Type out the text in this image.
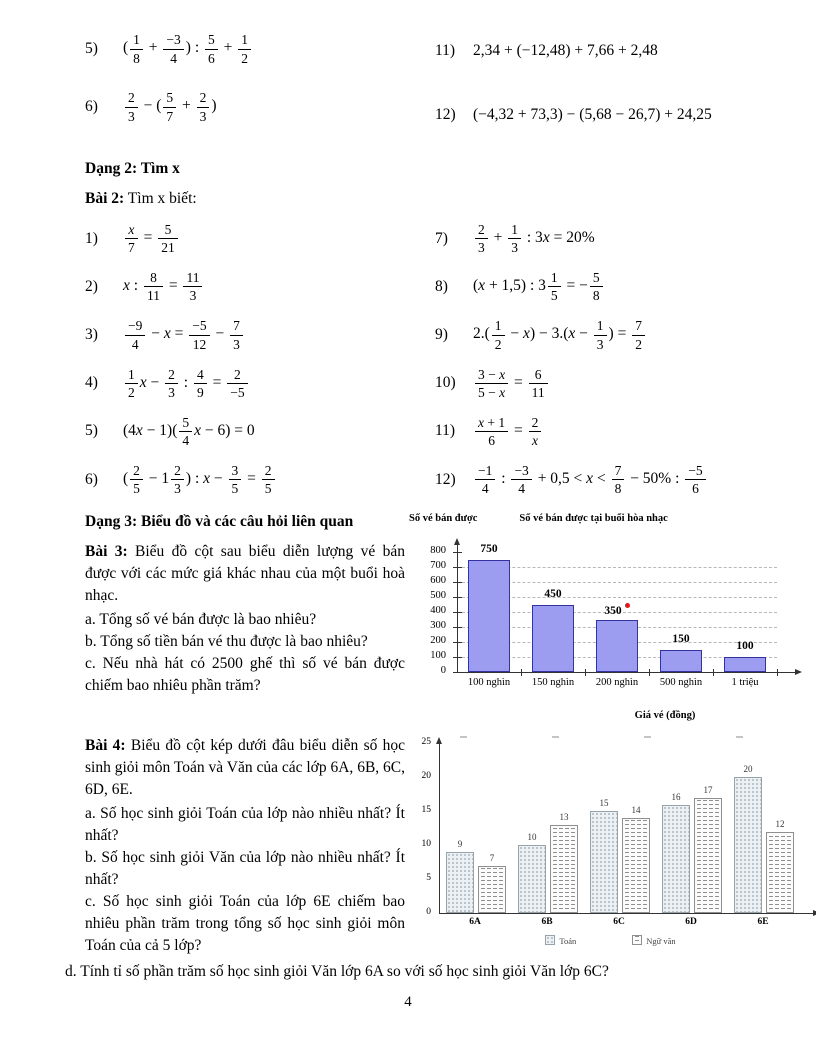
5)	( $\frac{1}{8} + \frac{-3}{4}$ ) : $\frac{5}{6} + \frac{1}{2}$
6)	$\frac{2}{3}$ − ( $\frac{5}{7} + \frac{2}{3}$ )
11)	2,34 + (−12,48) + 7,66 + 2,48
12)	(−4,32 + 73,3) − (5,68 − 26,7) + 24,25
Dạng 2: Tìm x
Bài 2: Tìm x biết:
1)	$\frac{x}{7} = \frac{5}{21}$
2)	x : $\frac{8}{11} = \frac{11}{3}$
3)	$\frac{-9}{4} - x = \frac{-5}{12} - \frac{7}{3}$
4)	$\frac{1}{2}$ $x - \frac{2}{3}$ : $\frac{4}{9} = \frac{2}{-5}$
5)	$(4x - 1)( \frac{5}{4}$ x − 6) = 0
6)	( $\frac{2}{5} - 1 \frac{2}{3}$ ) : $x - \frac{3}{5} = \frac{2}{5}$
7)	$\frac{2}{3} + \frac{1}{3}$ : 3x = 20%
8)	(x + 1,5) : $3 \frac{1}{5}$ = − $\frac{5}{8}$
9)	$2.( \frac{1}{2} - x) - 3.(x - \frac{1}{3}$ ) = $\frac{7}{2}$
10)	$\frac{3 - x}{5 - x} = \frac{6}{11}$
11)	$\frac{x + 1}{6} = \frac{2}{x}$
12)	$\frac{-1}{4}$ : $\frac{-3}{4} + 0,5 < x < \frac{7}{8} - 50\%$ : $\frac{-5}{6}$
Dạng 3: Biểu đồ và các câu hỏi liên quan

Bài 3: Biểu đồ cột sau biểu diễn lượng vé bán được với các mức giá khác nhau của một buổi hoà nhạc.

a. Tổng số vé bán được là bao nhiêu?
b. Tổng số tiền bán vé thu được là bao nhiêu?
c. Nếu nhà hát có 2500 ghế thì số vé bán được chiếm bao nhiêu phần trăm?
Số vé bán được	Số vé bán được tại buổi hòa nhạc
0
100
200
300
400
500
600
700
800	750
100 nghìn
450
150 nghìn
350
200 nghìn
150
500 nghìn
100
1 triệu
Giá vé (đồng)

Bài 4: Biểu đồ cột kép dưới đâu biểu diễn số học sinh giỏi môn Toán và Văn của các lớp 6A, 6B, 6C, 6D, 6E.

a. Số học sinh giỏi Toán của lớp nào nhiều nhất? Ít nhất?
b. Số học sinh giỏi Văn của lớp nào nhiều nhất? Ít nhất?
c. Số học sinh giỏi Toán của lớp 6E chiếm bao nhiêu phần trăm trong tổng số học sinh giỏi môn Toán của cả 5 lớp?
0
5
10
15
20
25
9
7
6A
10
13
6B
15
14
6C
16
17
6D
20
12
6E
Toán	Ngữ văn
d. Tính tỉ số phần trăm số học sinh giỏi Văn lớp 6A so với số học sinh giỏi Văn lớp 6C?
4
